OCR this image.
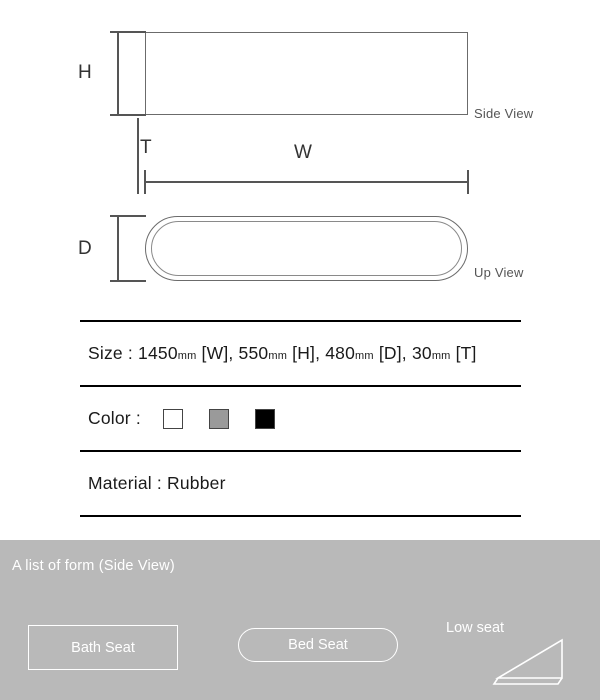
Side View
H
T	W
Up View
D
Size : 1450mm [W], 550mm [H], 480mm [D], 30mm [T]
Color :
Material : Rubber
A list of form (Side View)
Bath Seat	Bed Seat
Low seat
